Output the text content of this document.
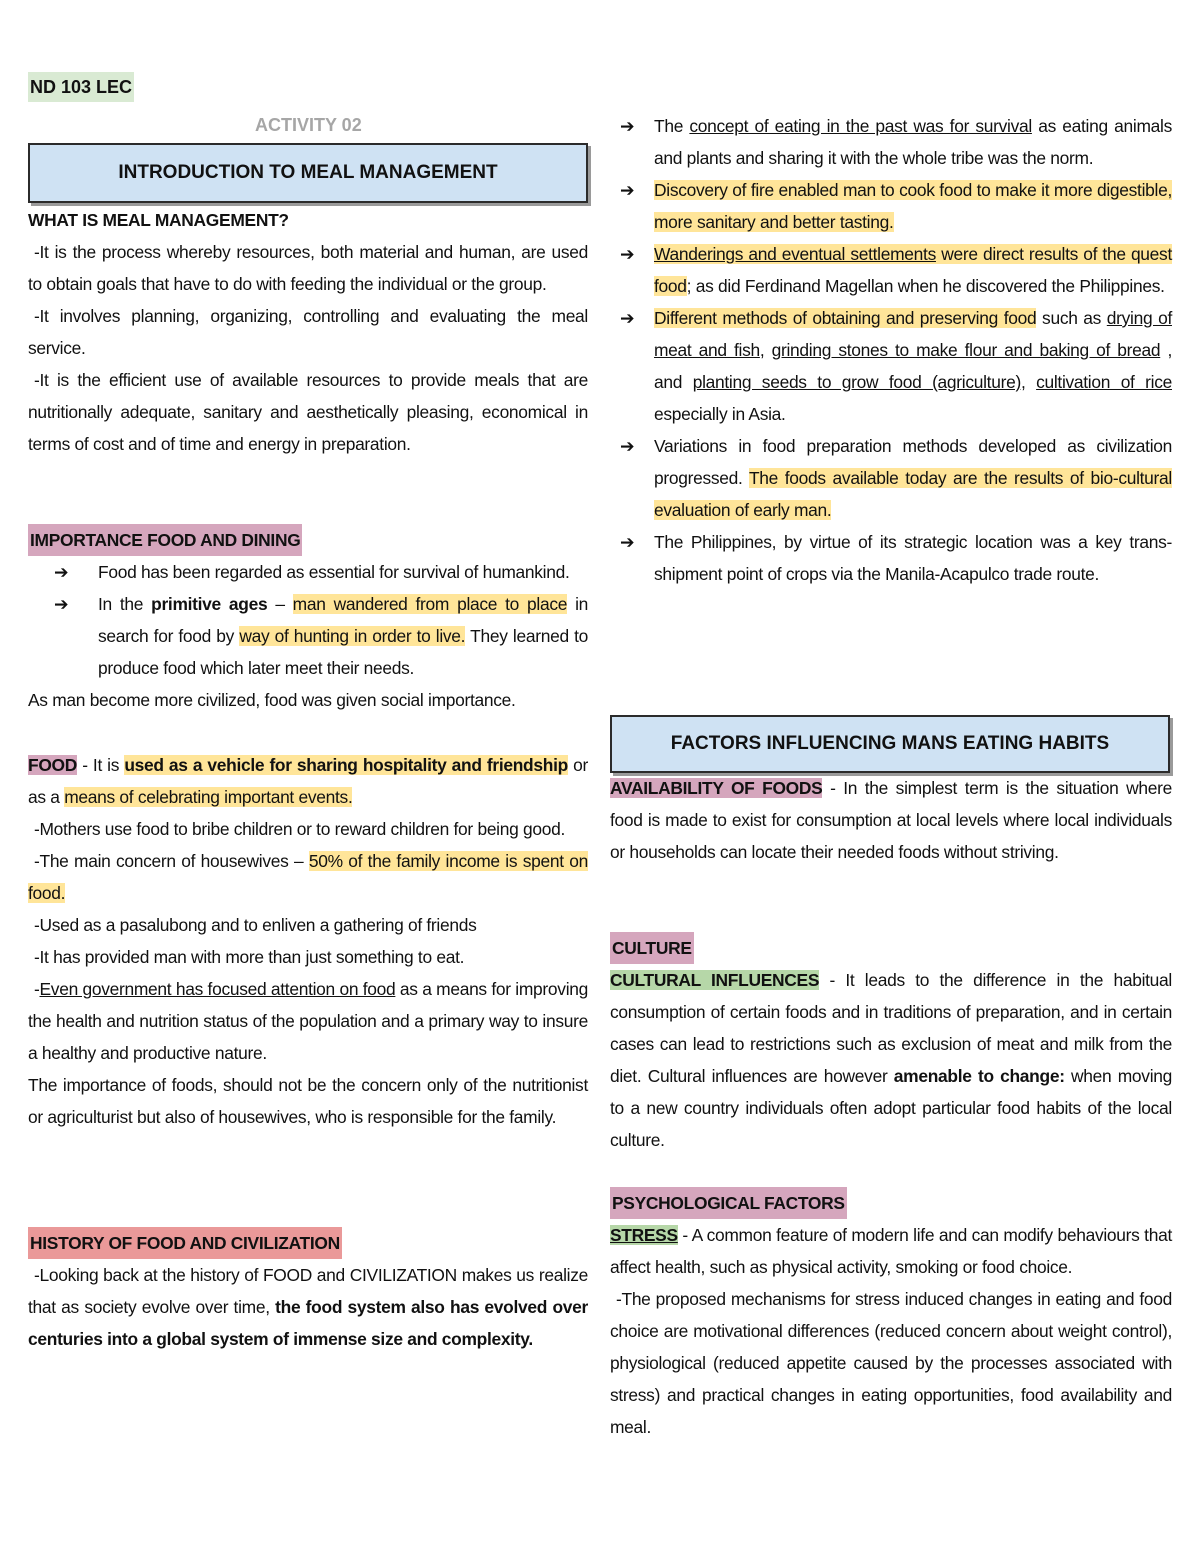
ND 103 LEC
ACTIVITY 02
INTRODUCTION TO MEAL MANAGEMENT
WHAT IS MEAL MANAGEMENT?

-It is the process whereby resources, both material and human, are used to obtain goals that have to do with feeding the individual or the group.

-It involves planning, organizing, controlling and evaluating the meal service.

-It is the efficient use of available resources to provide meals that are nutritionally adequate, sanitary and aesthetically pleasing, economical in terms of cost and of time and energy in preparation.

IMPORTANCE FOOD AND DINING
➔	Food has been regarded as essential for survival of humankind.
➔	In the primitive ages – man wandered from place to place in search for food by way of hunting in order to live. They learned to produce food which later meet their needs.

As man become more civilized, food was given social importance.

FOOD - It is used as a vehicle for sharing hospitality and friendship or as a means of celebrating important events.

-Mothers use food to bribe children or to reward children for being good.

-The main concern of housewives – 50% of the family income is spent on food.

-Used as a pasalubong and to enliven a gathering of friends

-It has provided man with more than just something to eat.

-Even government has focused attention on food as a means for improving the health and nutrition status of the population and a primary way to insure a healthy and productive nature.

The importance of foods, should not be the concern only of the nutritionist or agriculturist but also of housewives, who is responsible for the family.

HISTORY OF FOOD AND CIVILIZATION

-Looking back at the history of FOOD and CIVILIZATION makes us realize that as society evolve over time, the food system also has evolved over centuries into a global system of immense size and complexity.

➔ The concept of eating in the past was for survival as eating animals and plants and sharing it with the whole tribe was the norm.

➔ Discovery of fire enabled man to cook food to make it more digestible, more sanitary and better tasting.

➔ Wanderings and eventual settlements were direct results of the quest food; as did Ferdinand Magellan when he discovered the Philippines.

➔ Different methods of obtaining and preserving food such as drying of meat and fish, grinding stones to make flour and baking of bread , and planting seeds to grow food (agriculture), cultivation of rice especially in Asia.

➔ Variations in food preparation methods developed as civilization progressed. The foods available today are the results of bio-cultural evaluation of early man.

➔ The Philippines, by virtue of its strategic location was a key trans-shipment point of crops via the Manila-Acapulco trade route.

FACTORS INFLUENCING MANS EATING HABITS

AVAILABILITY OF FOODS - In the simplest term is the situation where food is made to exist for consumption at local levels where local individuals or households can locate their needed foods without striving.

CULTURE

CULTURAL INFLUENCES - It leads to the difference in the habitual consumption of certain foods and in traditions of preparation, and in certain cases can lead to restrictions such as exclusion of meat and milk from the diet. Cultural influences are however amenable to change: when moving to a new country individuals often adopt particular food habits of the local culture.

PSYCHOLOGICAL FACTORS

STRESS - A common feature of modern life and can modify behaviours that affect health, such as physical activity, smoking or food choice.

-The proposed mechanisms for stress induced changes in eating and food choice are motivational differences (reduced concern about weight control), physiological (reduced appetite caused by the processes associated with stress) and practical changes in eating opportunities, food availability and meal.
